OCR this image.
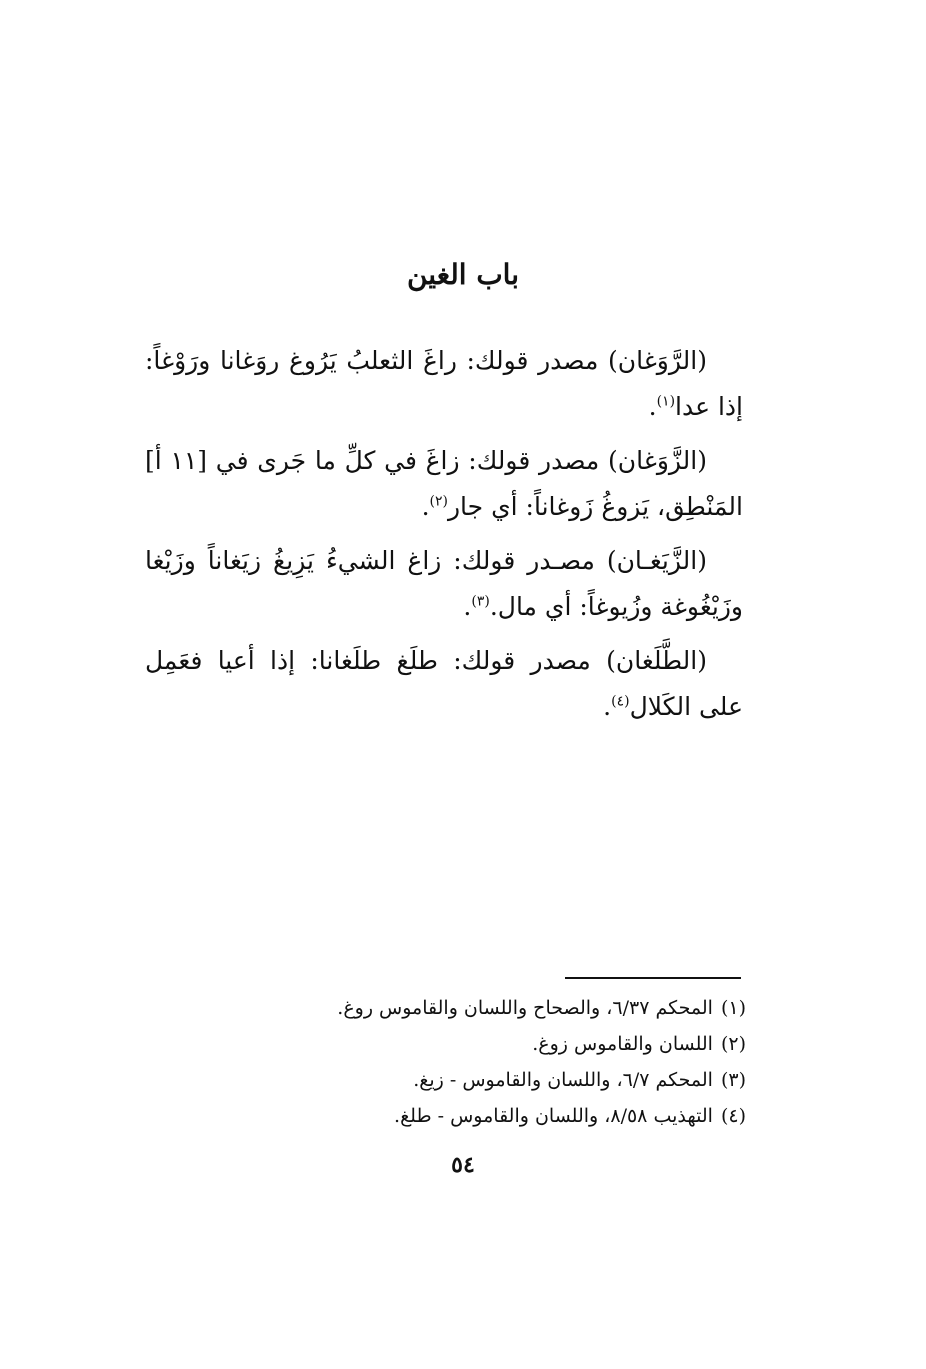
باب الغين

(الرَّوَغان) مصدر قولك: راغَ الثعلبُ يَرُوغ روَغانا ورَوْغاً: إذا عدا$^{(١)}$.

(الزَّوَغان) مصدر قولك: زاغَ في كلِّ ما جَرى في [١١ أ] المَنْطِق، يَزوغُ زَوغاناً: أي جار$^{(٢)}$.

(الزَّيَغـان) مصـدر قولك: زاغ الشيءُ يَزِيغُ زيَغاناً وزَيْغا وزَيْغُوغة وزُيوغاً: أي مال.$^{(٣)}$.

(الطَّلَغان) مصدر قولك: طلَغ طلَغانا: إذا أعيا فعَمِل على الكَلال$^{(٤)}$.

(١)المحكم ٦/٣٧، والصحاح واللسان والقاموس روغ.
(٢)اللسان والقاموس زوغ.
(٣)المحكم ٦/٧، واللسان والقاموس - زيغ.
(٤)التهذيب ٨/٥٨، واللسان والقاموس - طلغ.
٥٤
